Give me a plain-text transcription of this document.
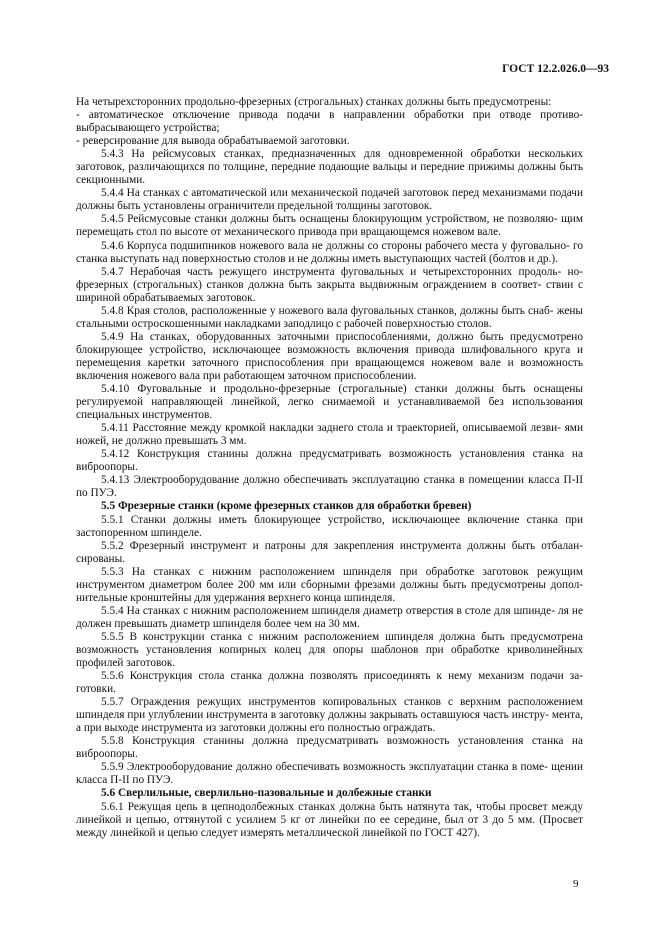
ГОСТ 12.2.026.0—93

На четырехсторонних продольно-фрезерных (строгальных) станках должны быть предусмотрены:

- автоматическое отключение привода подачи в направлении обработки при отводе противо- выбрасывающего устройства;

- реверсирование для вывода обрабатываемой заготовки.

5.4.3 На рейсмусовых станках, предназначенных для одновременной обработки нескольких заготовок, различающихся по толщине, передние подающие вальцы и передние прижимы должны быть секционными.

5.4.4 На станках с автоматической или механической подачей заготовок перед механизмами подачи должны быть установлены ограничители предельной толщины заготовок.

5.4.5 Рейсмусовые станки должны быть оснащены блокирующим устройством, не позволяю- щим перемещать стол по высоте от механического привода при вращающемся ножевом вале.

5.4.6 Корпуса подшипников ножевого вала не должны со стороны рабочего места у фуговально- го станка выступать над поверхностью столов и не должны иметь выступающих частей (болтов и др.).

5.4.7 Нерабочая часть режущего инструмента фуговальных и четырехсторонних продоль- но-фрезерных (строгальных) станков должна быть закрыта выдвижным ограждением в соответ- ствии с шириной обрабатываемых заготовок.

5.4.8 Края столов, расположенные у ножевого вала фуговальных станков, должны быть снаб- жены стальными остроскошенными накладками заподлицо с рабочей поверхностью столов.

5.4.9 На станках, оборудованных заточными приспособлениями, должно быть предусмотрено блокирующее устройство, исключающее возможность включения привода шлифовального круга и перемещения каретки заточного приспособления при вращающемся ножевом вале и возможность включения ножевого вала при работающем заточном приспособлении.

5.4.10 Фуговальные и продольно-фрезерные (строгальные) станки должны быть оснащены регулируемой направляющей линейкой, легко снимаемой и устанавливаемой без использования специальных инструментов.

5.4.11 Расстояние между кромкой накладки заднего стола и траекторией, описываемой лезви- ями ножей, не должно превышать 3 мм.

5.4.12 Конструкция станины должна предусматривать возможность установления станка на виброопоры.

5.4.13 Электрооборудование должно обеспечивать эксплуатацию станка в помещении класса П-II по ПУЭ.

5.5 Фрезерные станки (кроме фрезерных станков для обработки бревен)

5.5.1 Станки должны иметь блокирующее устройство, исключающее включение станка при застопоренном шпинделе.

5.5.2 Фрезерный инструмент и патроны для закрепления инструмента должны быть отбалан- сированы.

5.5.3 На станках с нижним расположением шпинделя при обработке заготовок режущим инструментом диаметром более 200 мм или сборными фрезами должны быть предусмотрены допол- нительные кронштейны для удержания верхнего конца шпинделя.

5.5.4 На станках с нижним расположением шпинделя диаметр отверстия в столе для шпинде- ля не должен превышать диаметр шпинделя более чем на 30 мм.

5.5.5 В конструкции станка с нижним расположением шпинделя должна быть предусмотрена возможность установления копирных колец для опоры шаблонов при обработке криволинейных профилей заготовок.

5.5.6 Конструкция стола станка должна позволять присоединять к нему механизм подачи за- готовки.

5.5.7 Ограждения режущих инструментов копировальных станков с верхним расположением шпинделя при углублении инструмента в заготовку должны закрывать оставшуюся часть инстру- мента, а при выходе инструмента из заготовки должны его полностью ограждать.

5.5.8 Конструкция станины должна предусматривать возможность установления станка на виброопоры.

5.5.9 Электрооборудование должно обеспечивать возможность эксплуатации станка в поме- щении класса П-II по ПУЭ.

5.6 Сверлильные, сверлильно-пазовальные и долбежные станки

5.6.1 Режущая цепь в цепнодолбежных станках должна быть натянута так, чтобы просвет между линейкой и цепью, оттянутой с усилием 5 кг от линейки по ее середине, был от 3 до 5 мм. (Просвет между линейкой и цепью следует измерять металлической линейкой по ГОСТ 427).

9
